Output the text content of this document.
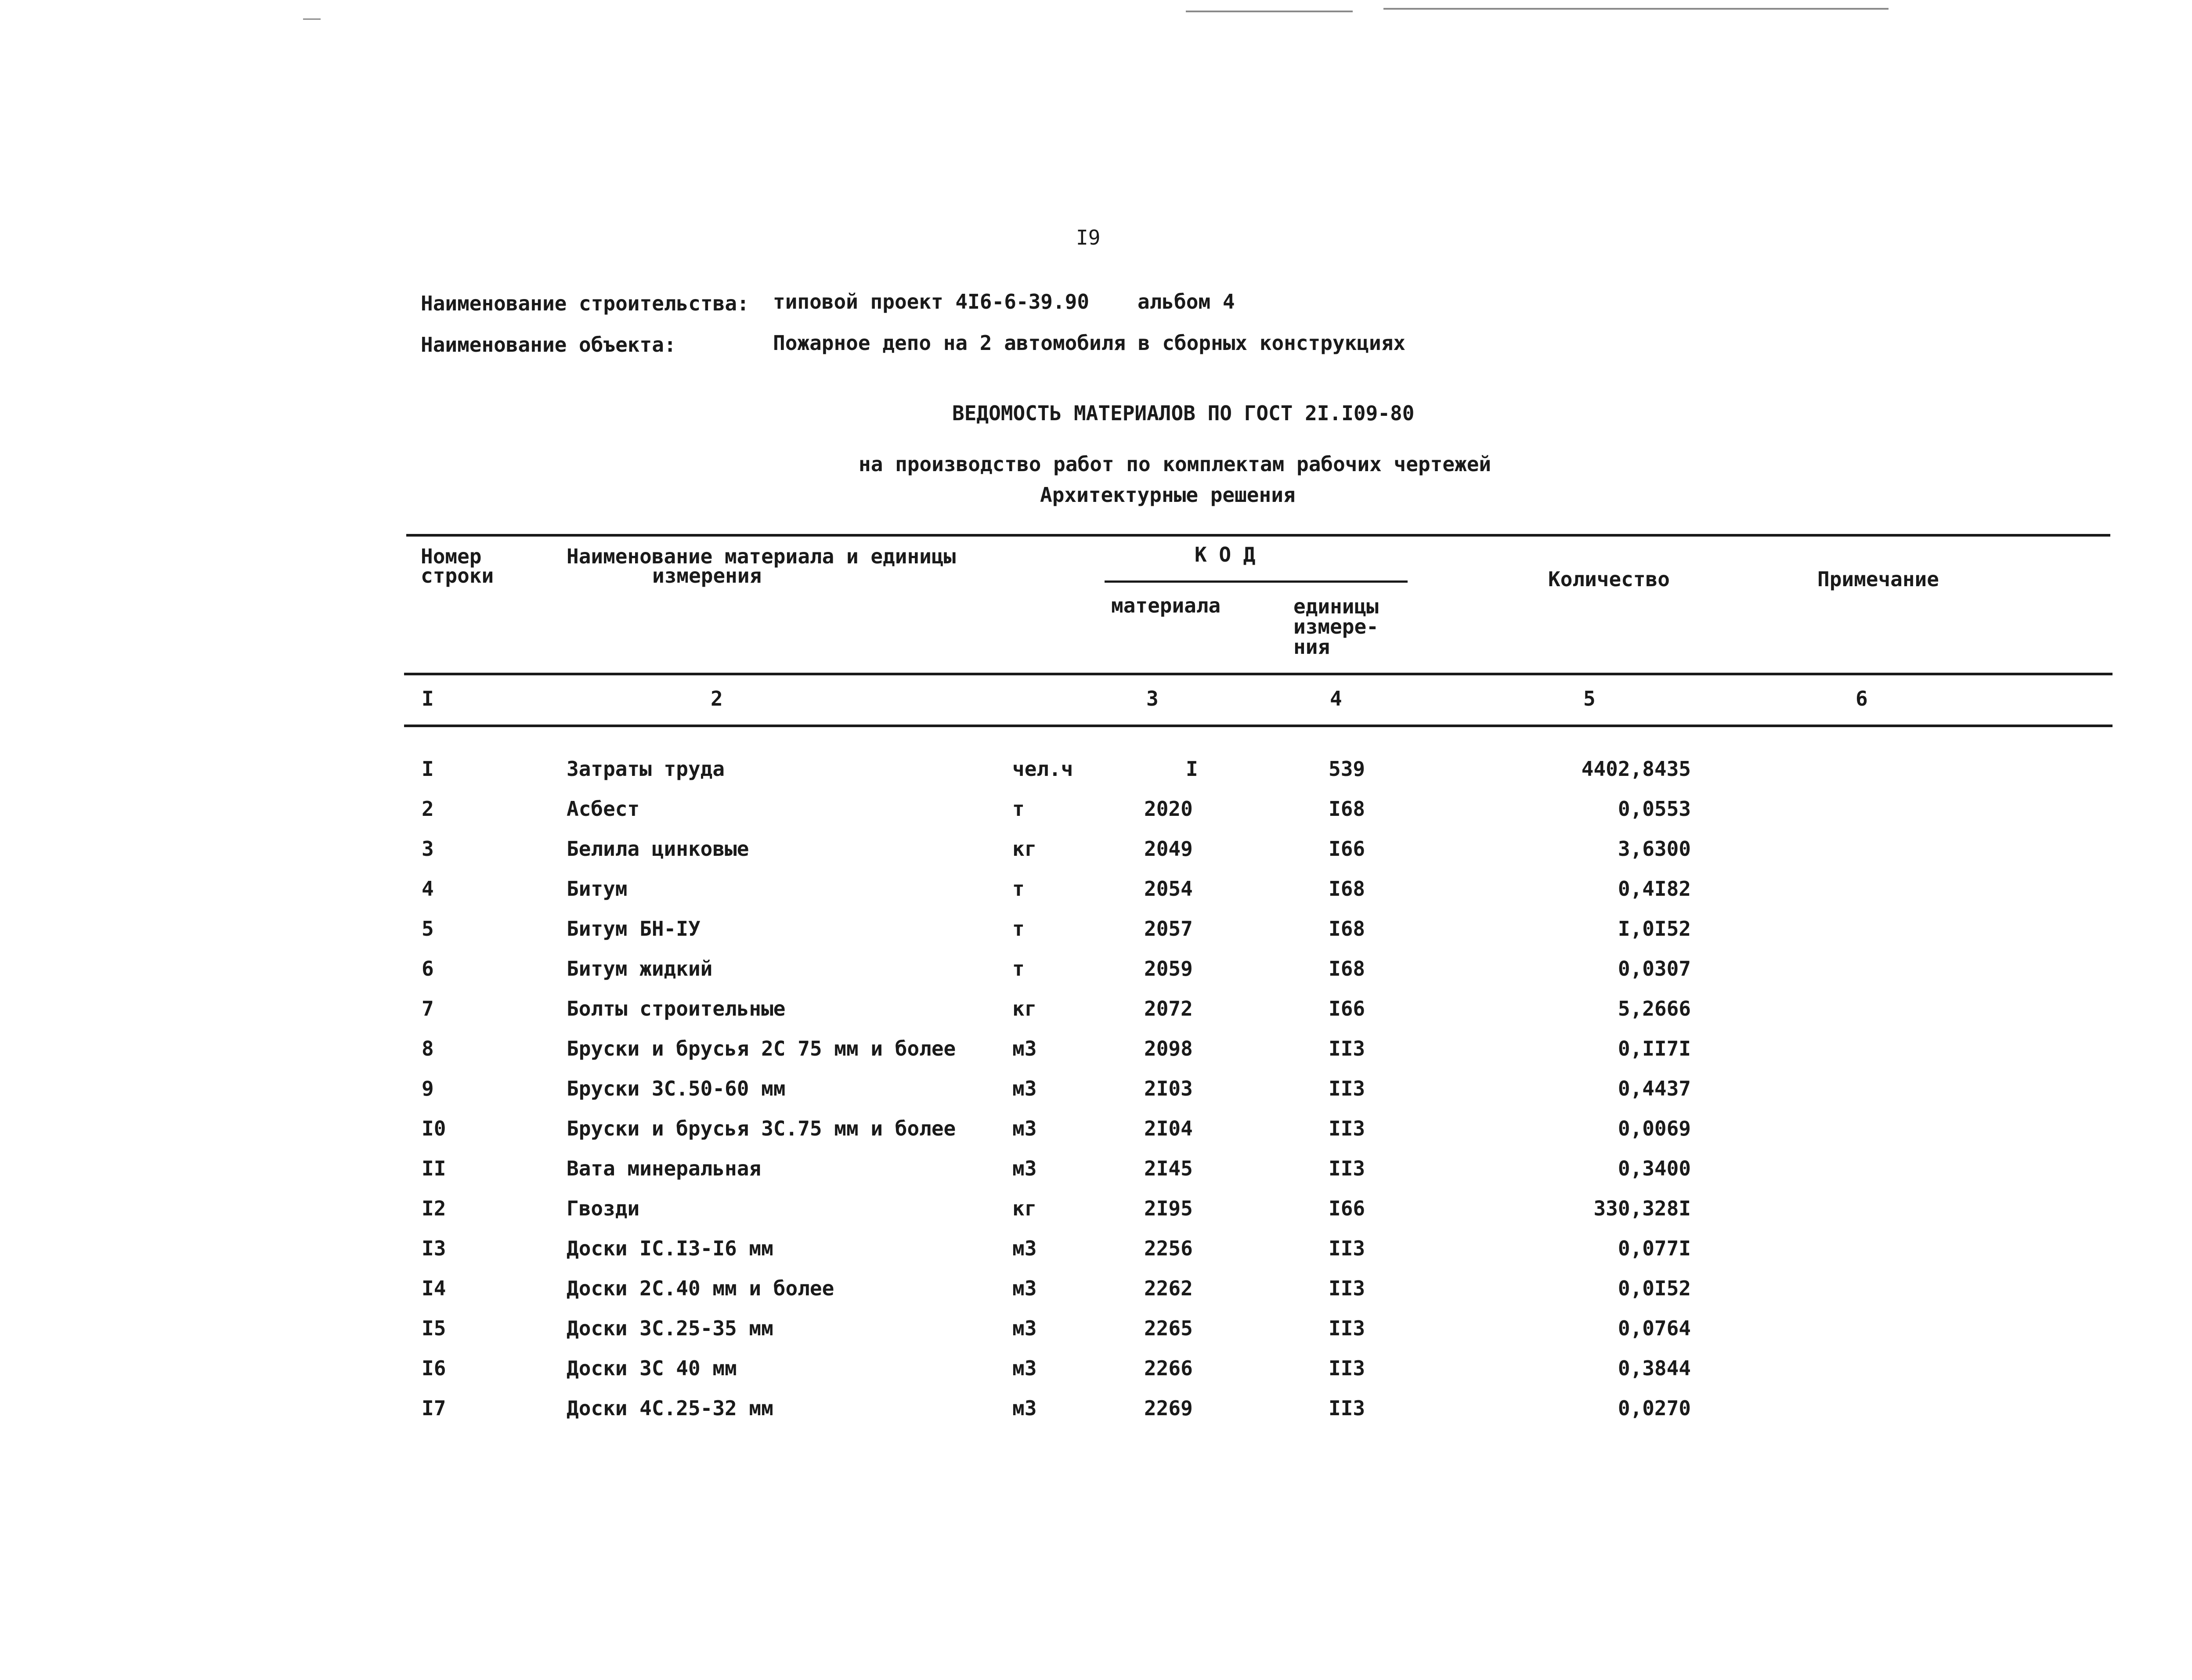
I9
Наименование строительства: типовой проект 4I6-6-39.90 альбом 4
Наименование объекта:	Пожарное депо на 2 автомобиля в сборных конструкциях
ВЕДОМОСТЬ МАТЕРИАЛОВ ПО ГОСТ 2I.I09-80
на производство работ по комплектам рабочих чертежей
Архитектурные решения
Номер
строки
Наименование материала и единицы
измерения
К О Д
материала	единицы
измере-
ния
Количество	Примечание
I	2	3	4	5	6
I	Затраты труда	чел.ч	I	539	4402,8435
2	Асбест	т	2020	I68	0,0553
3	Белила цинковые	кг	2049	I66	3,6300
4	Битум	т	2054	I68	0,4I82
5	Битум БН-IУ	т	2057	I68	I,0I52
6	Битум жидкий	т	2059	I68	0,0307
7	Болты строительные	кг	2072	I66	5,2666
8	Бруски и брусья 2С 75 мм и более	м3	2098	II3	0,II7I
9	Бруски 3С.50-60 мм	м3	2I03	II3	0,4437
I0	Бруски и брусья 3С.75 мм и более	м3	2I04	II3	0,0069
II	Вата минеральная	м3	2I45	II3	0,3400
I2	Гвозди	кг	2I95	I66	330,328I
I3	Доски IС.I3-I6 мм	м3	2256	II3	0,077I
I4	Доски 2С.40 мм и более	м3	2262	II3	0,0I52
I5	Доски 3С.25-35 мм	м3	2265	II3	0,0764
I6	Доски 3С 40 мм	м3	2266	II3	0,3844
I7	Доски 4С.25-32 мм	м3	2269	II3	0,0270
